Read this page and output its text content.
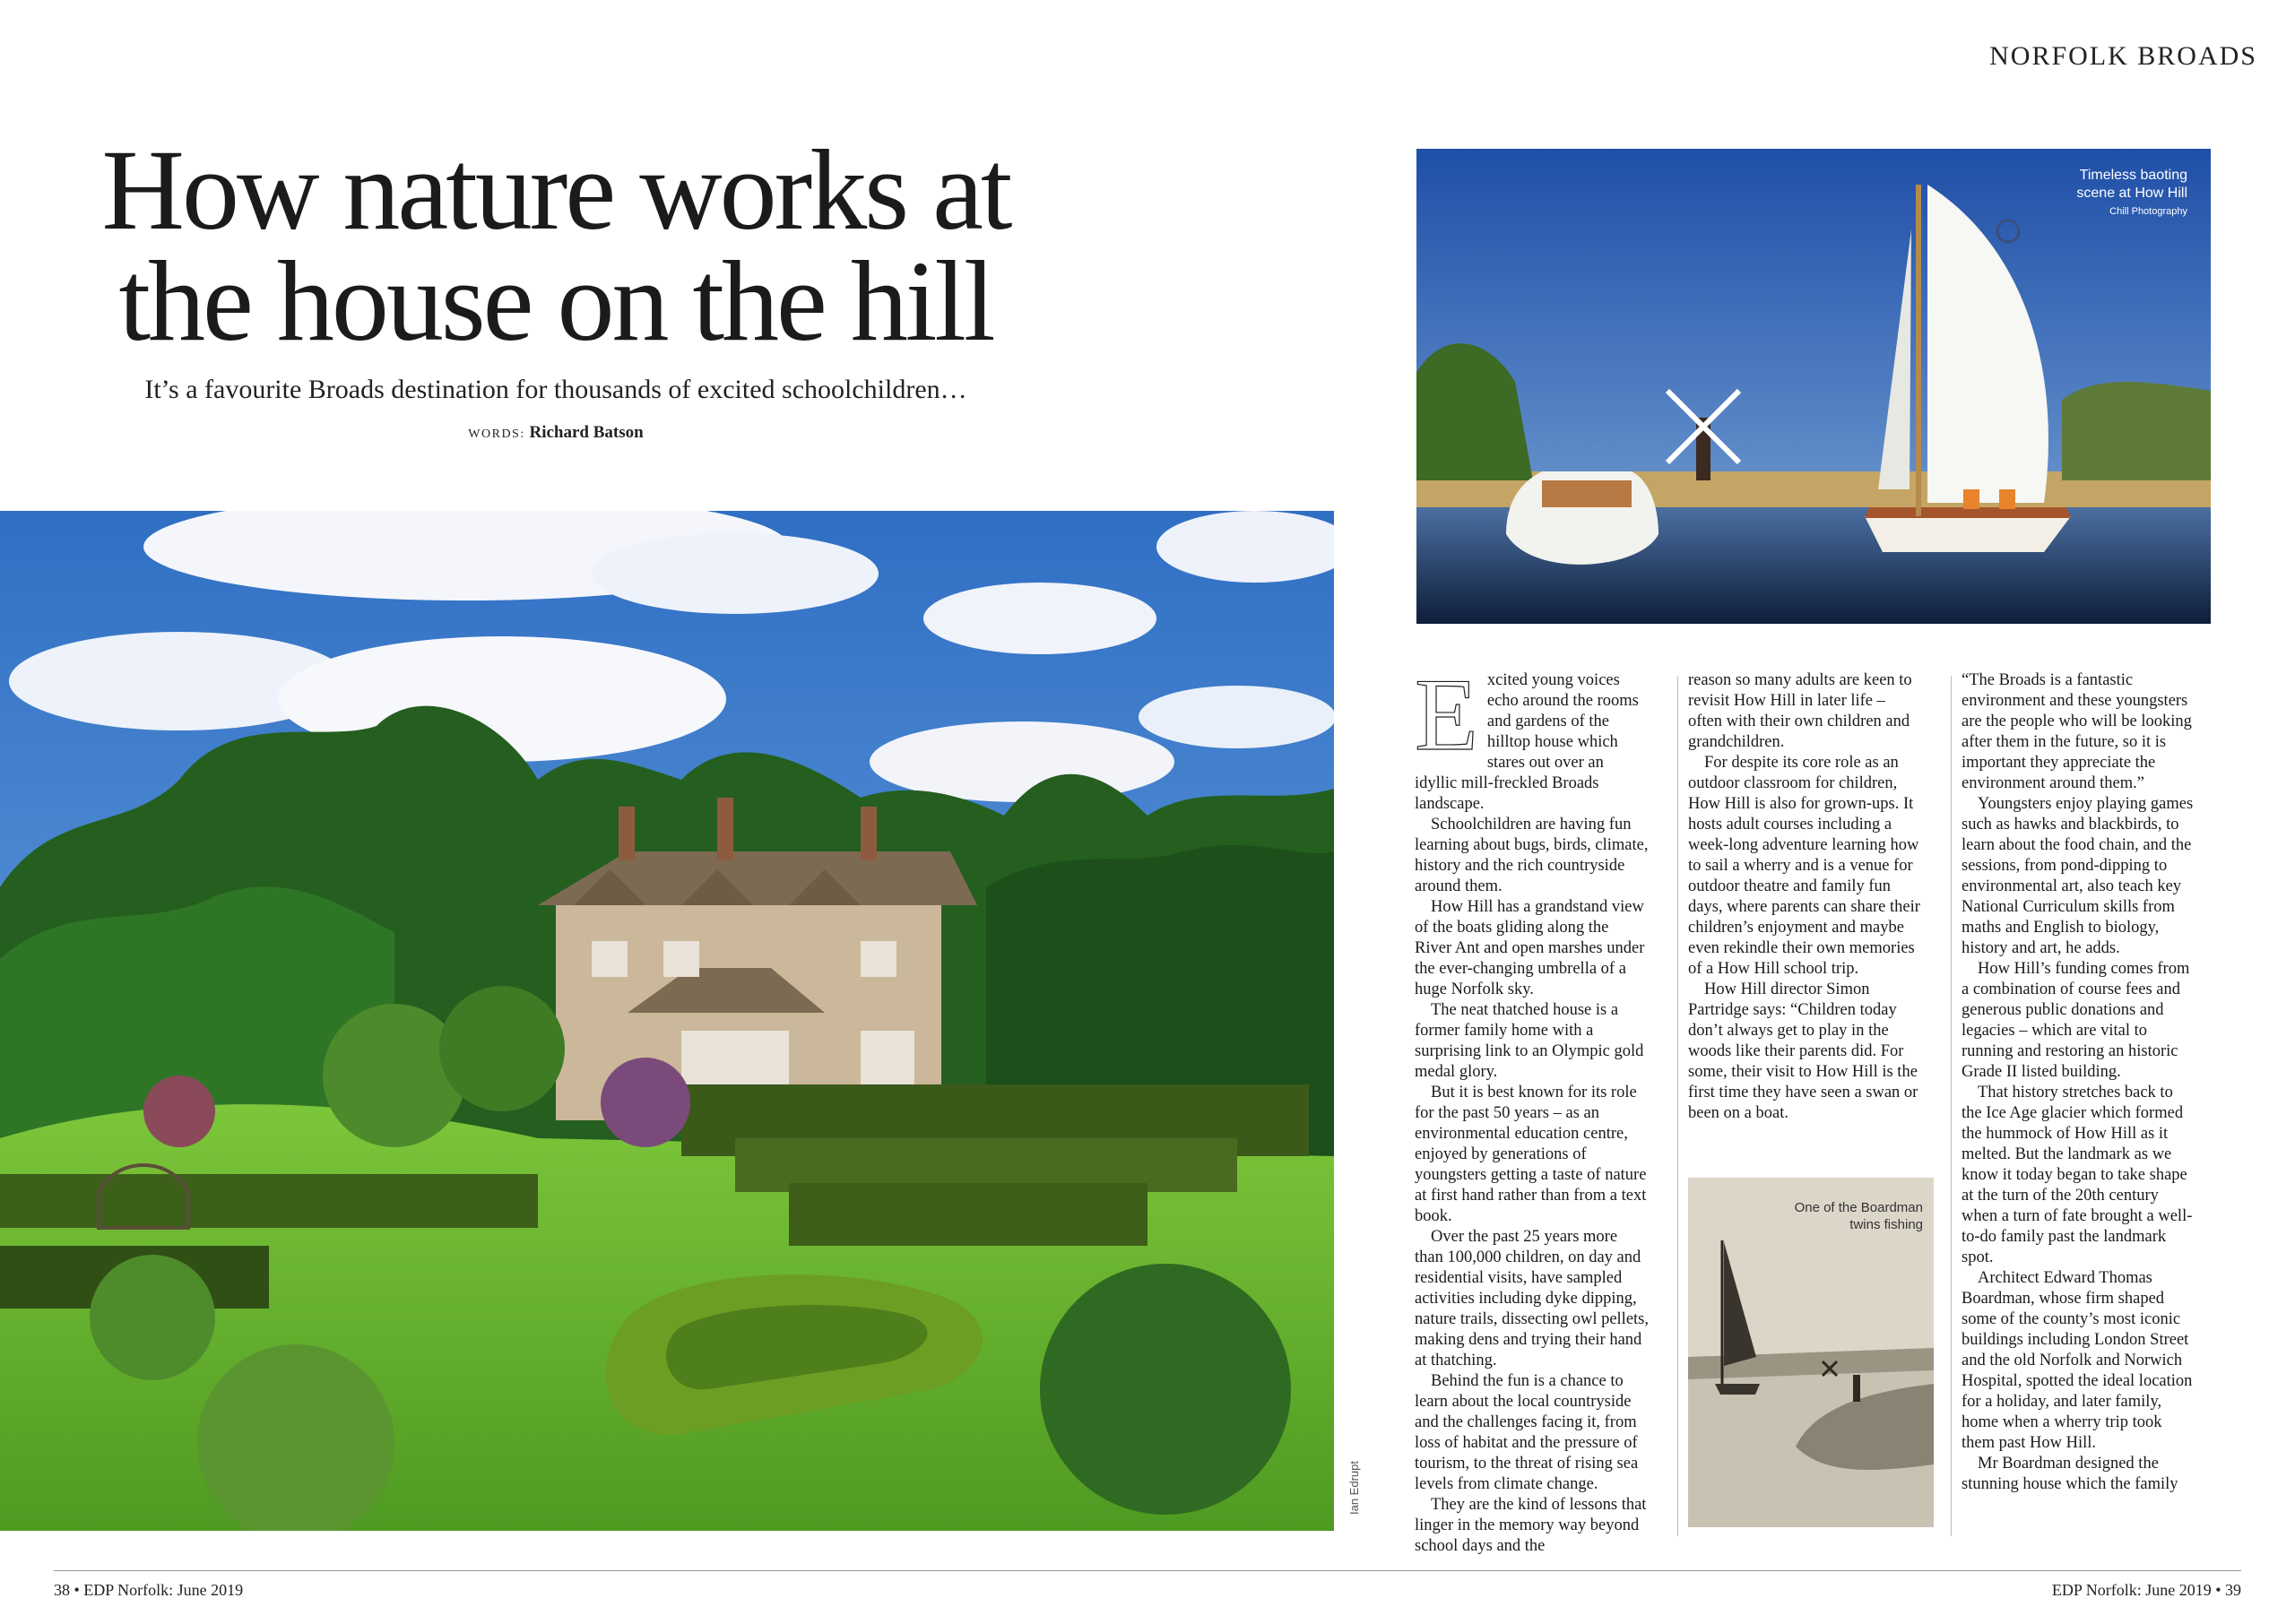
NORFOLK BROADS
How nature works at the house on the hill
It’s a favourite Broads destination for thousands of excited schoolchildren…
WORDS: Richard Batson
Ian Edrupt
Timeless baoting
scene at How Hill
Chill Photography

Excited young voices echo around the rooms and gardens of the hilltop house which stares out over an idyllic mill-freckled Broads landscape.

Schoolchildren are having fun learning about bugs, birds, climate, history and the rich countryside around them.

How Hill has a grandstand view of the boats gliding along the River Ant and open marshes under the ever-changing umbrella of a huge Norfolk sky.

The neat thatched house is a former family home with a surprising link to an Olympic gold medal glory.

But it is best known for its role for the past 50 years – as an environmental education centre, enjoyed by generations of youngsters getting a taste of nature at first hand rather than from a text book.

Over the past 25 years more than 100,000 children, on day and residential visits, have sampled activities including dyke dipping, nature trails, dissecting owl pellets, making dens and trying their hand at thatching.

Behind the fun is a chance to learn about the local countryside and the challenges facing it, from loss of habitat and the pressure of tourism, to the threat of rising sea levels from climate change.

They are the kind of lessons that linger in the memory way beyond school days and the

reason so many adults are keen to revisit How Hill in later life – often with their own children and grandchildren.

For despite its core role as an outdoor classroom for children, How Hill is also for grown-ups. It hosts adult courses including a week-long adventure learning how to sail a wherry and is a venue for outdoor theatre and family fun days, where parents can share their children’s enjoyment and maybe even rekindle their own memories of a How Hill school trip.

How Hill director Simon Partridge says: “Children today don’t always get to play in the woods like their parents did. For some, their visit to How Hill is the first time they have seen a swan or been on a boat.

One of the Boardman
twins fishing

“The Broads is a fantastic environment and these youngsters are the people who will be looking after them in the future, so it is important they appreciate the environment around them.”

Youngsters enjoy playing games such as hawks and blackbirds, to learn about the food chain, and the sessions, from pond-dipping to environmental art, also teach key National Curriculum skills from maths and English to biology, history and art, he adds.

How Hill’s funding comes from a combination of course fees and generous public donations and legacies – which are vital to running and restoring an historic Grade II listed building.

That history stretches back to the Ice Age glacier which formed the hummock of How Hill as it melted. But the landmark as we know it today began to take shape at the turn of the 20th century when a turn of fate brought a well-to-do family past the landmark spot.

Architect Edward Thomas Boardman, whose firm shaped some of the county’s most iconic buildings including London Street and the old Norfolk and Norwich Hospital, spotted the ideal location for a holiday, and later family, home when a wherry trip took them past How Hill.

Mr Boardman designed the stunning house which the family

38 • EDP Norfolk: June 2019	EDP Norfolk: June 2019 • 39
